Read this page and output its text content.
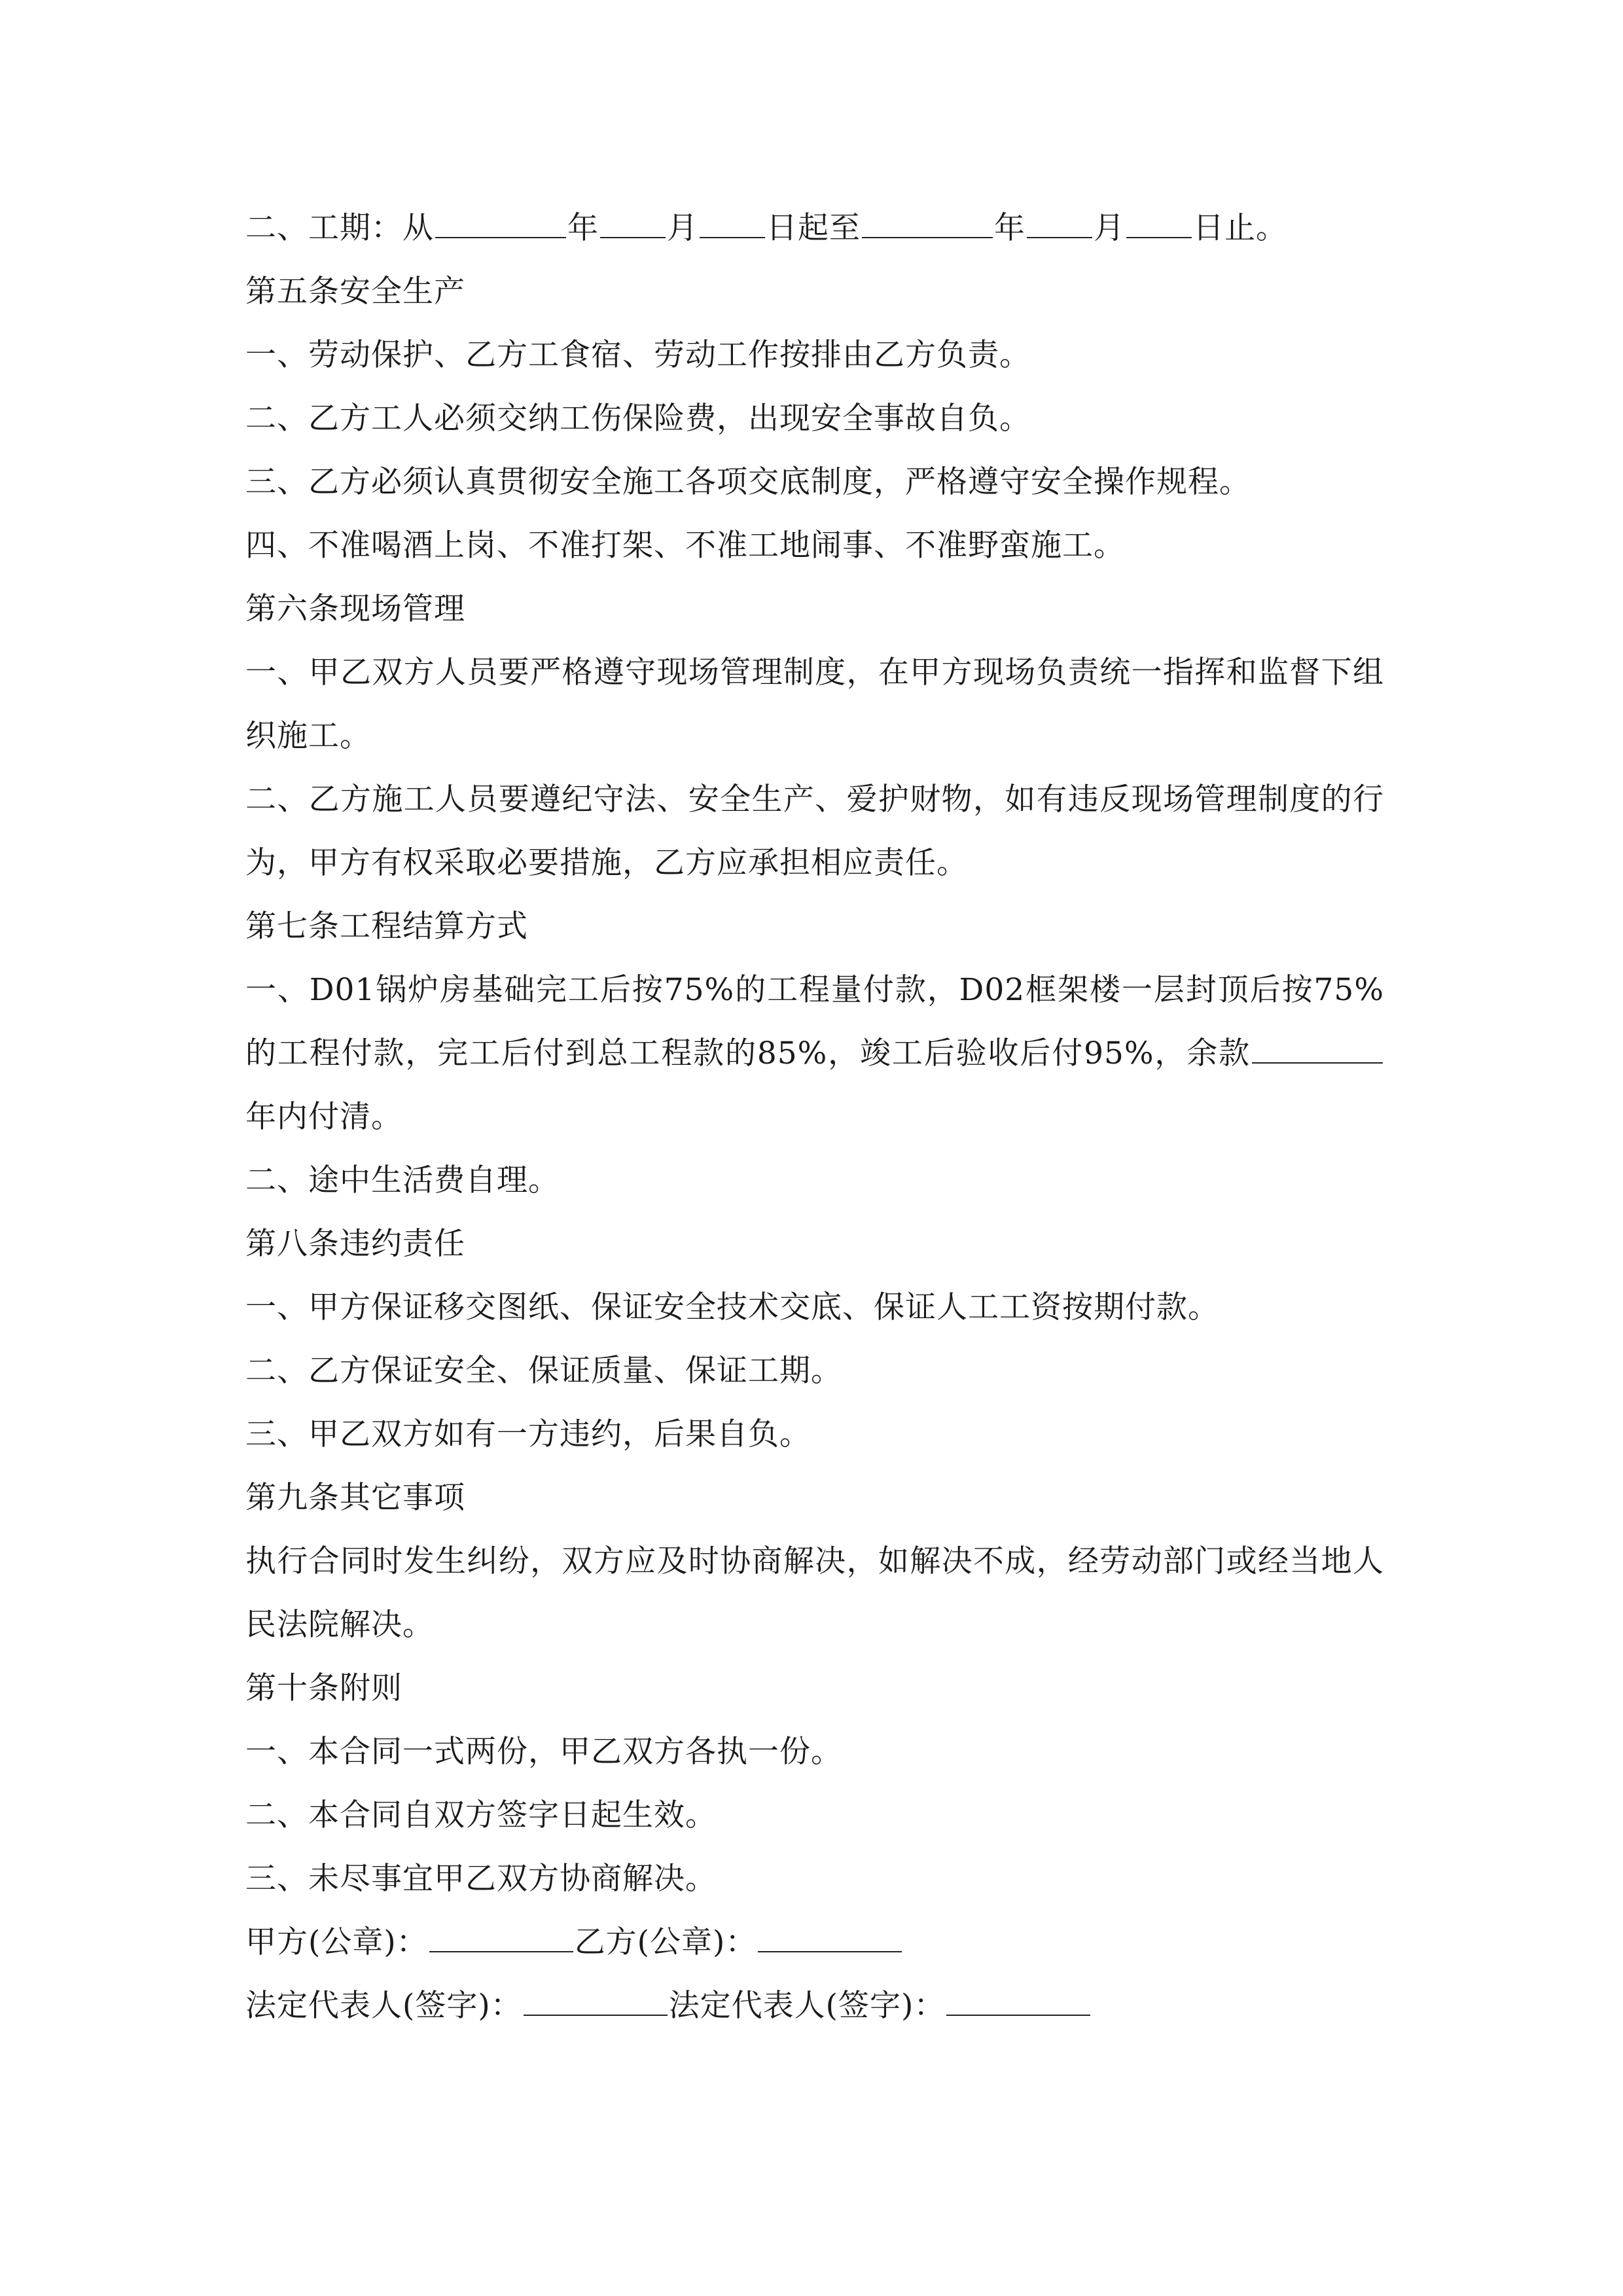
二、工期：从	年 月 日起至	年 月 日止。
第五条安全生产
一、劳动保护、乙方工食宿、劳动工作按排由乙方负责。
二、乙方工人必须交纳工伤保险费，出现安全事故自负。
三、乙方必须认真贯彻安全施工各项交底制度，严格遵守安全操作规程。
四、不准喝酒上岗、不准打架、不准工地闹事、不准野蛮施工。
第六条现场管理
一、甲乙双方人员要严格遵守现场管理制度，在甲方现场负责统一指挥和监督下组织施工。
二、乙方施工人员要遵纪守法、安全生产、爱护财物，如有违反现场管理制度的行为，甲方有权采取必要措施，乙方应承担相应责任。
第七条工程结算方式
一、D01锅炉房基础完工后按75%的工程量付款，D02框架楼一层封顶后按75%的工程付款，完工后付到总工程款的85%，竣工后验收后付95%，余款年内付清。
二、途中生活费自理。
第八条违约责任
一、甲方保证移交图纸、保证安全技术交底、保证人工工资按期付款。
二、乙方保证安全、保证质量、保证工期。
三、甲乙双方如有一方违约，后果自负。
第九条其它事项
执行合同时发生纠纷，双方应及时协商解决，如解决不成，经劳动部门或经当地人民法院解决。
第十条附则
一、本合同一式两份，甲乙双方各执一份。
二、本合同自双方签字日起生效。
三、未尽事宜甲乙双方协商解决。
甲方(公章)：	乙方(公章)：
法定代表人(签字)：	法定代表人(签字)：
